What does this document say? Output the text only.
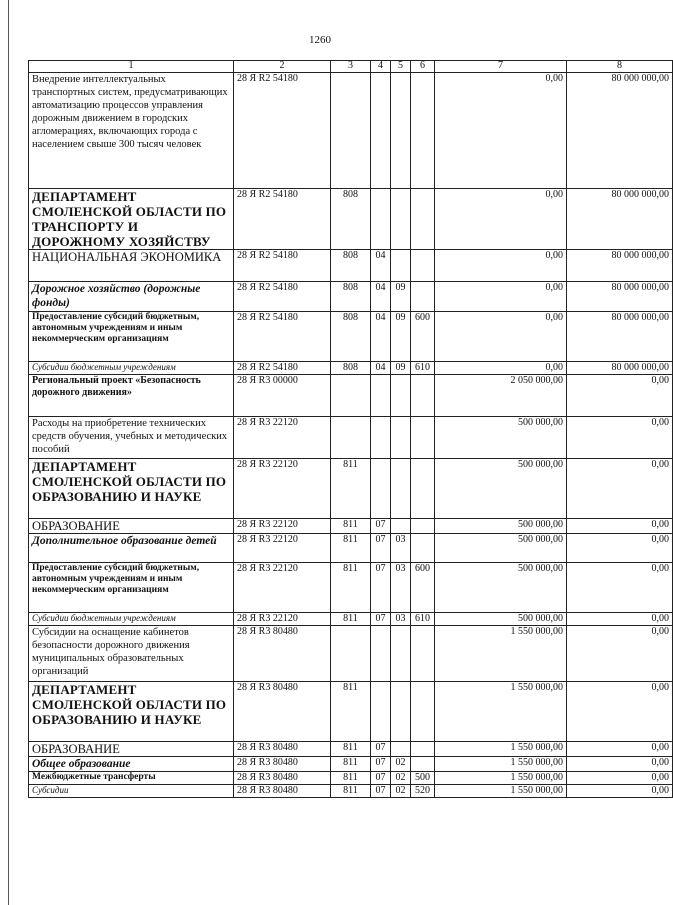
1260
1	2	3	4	5	6	7	8
Внедрение интеллектуальных транспортных систем, предусматривающих автоматизацию процессов управления дорожным движением в городских агломерациях, включающих города с населением свыше 300 тысяч человек	28 Я R2 54180					0,00	80 000 000,00
ДЕПАРТАМЕНТ СМОЛЕНСКОЙ ОБЛАСТИ ПО ТРАНСПОРТУ И ДОРОЖНОМУ ХОЗЯЙСТВУ	28 Я R2 54180	808				0,00	80 000 000,00
НАЦИОНАЛЬНАЯ ЭКОНОМИКА	28 Я R2 54180	808	04			0,00	80 000 000,00
Дорожное хозяйство (дорожные фонды)	28 Я R2 54180	808	04	09		0,00	80 000 000,00
Предоставление субсидий бюджетным, автономным учреждениям и иным некоммерческим организациям	28 Я R2 54180	808	04	09	600	0,00	80 000 000,00
Субсидии бюджетным учреждениям	28 Я R2 54180	808	04	09	610	0,00	80 000 000,00
Региональный проект «Безопасность дорожного движения»	28 Я R3 00000					2 050 000,00	0,00
Расходы на приобретение технических средств обучения, учебных и методических пособий	28 Я R3 22120					500 000,00	0,00
ДЕПАРТАМЕНТ СМОЛЕНСКОЙ ОБЛАСТИ ПО ОБРАЗОВАНИЮ И НАУКЕ	28 Я R3 22120	811				500 000,00	0,00
ОБРАЗОВАНИЕ	28 Я R3 22120	811	07			500 000,00	0,00
Дополнительное образование детей	28 Я R3 22120	811	07	03		500 000,00	0,00
Предоставление субсидий бюджетным, автономным учреждениям и иным некоммерческим организациям	28 Я R3 22120	811	07	03	600	500 000,00	0,00
Субсидии бюджетным учреждениям	28 Я R3 22120	811	07	03	610	500 000,00	0,00
Субсидии на оснащение кабинетов безопасности дорожного движения муниципальных образовательных организаций	28 Я R3 80480					1 550 000,00	0,00
ДЕПАРТАМЕНТ СМОЛЕНСКОЙ ОБЛАСТИ ПО ОБРАЗОВАНИЮ И НАУКЕ	28 Я R3 80480	811				1 550 000,00	0,00
ОБРАЗОВАНИЕ	28 Я R3 80480	811	07			1 550 000,00	0,00
Общее образование	28 Я R3 80480	811	07	02		1 550 000,00	0,00
Межбюджетные трансферты	28 Я R3 80480	811	07	02	500	1 550 000,00	0,00
Субсидии	28 Я R3 80480	811	07	02	520	1 550 000,00	0,00
